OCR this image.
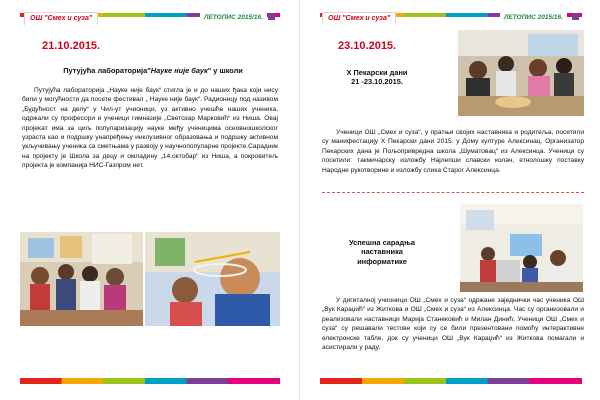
ОШ "Смех и суза"	ЛЕТОПИС 2015/16.
21.10.2015.
Путујућа лабораторија"Науке није баук" у школи
Путујућа лабораторија „Науке није баук“ стигла је и до наших ђака који нису били у могућности да посете фестивал „ Науке није баук“. Радионицу под називом „Будућност на делу“ у Чил-ут учионици, уз активно учешће наших ученика, одржали су професори и ученици гимназије „Светозар Марковић“ из Ниша. Овај пројекат има за циљ популаризацију науке међу ученицима основношколског узраста као и подршку унапређењу инклузивног образовања и подршку активном укључивању ученика са сметњама у развоју у научнопопуларне пројекте.Сарадник на пројекту је Школа за децу и омладину „14.октобар“ из Ниша, а покровитељ пројекта је компанија НИС-Газпром нет.
ОШ "Смех и суза"	ЛЕТОПИС 2015/16.
23.10.2015.
X Пекарски дани
21 -23.10.2015.
Ученици ОШ „Смех и суза“, у пратњи својих наставника и родитеља, посетили су манифестацију X Пекарски дани 2015. у Дому културе Алексинац. Организатор Пекарских дана је Пољопривредна школа „Шуматовац“ из Алексинца. Ученици су посетили: такмичарску изложбу Најлепши славски колач, етнолошку поставку Народне рукотворине и изложбу слика Старог Алексинца.
Успешна сарадња
наставника
информатике
У дигиталној учионици ОШ „Смех и суза“ одржане заједнички час ученика ОШ „Вук Караџић“ из Житкова и ОШ „Смех и суза“ из Алексинца. Час су организовали и реализовали наставници Марија Станековић и Милан Динић. Ученици ОШ „Смех и суза“ су решавали тестове који су се били презентовани помоћу интерактивне електронске табле, док су ученици ОШ „Вук Караџић“ из Житкова помагали и асистирали у раду.
